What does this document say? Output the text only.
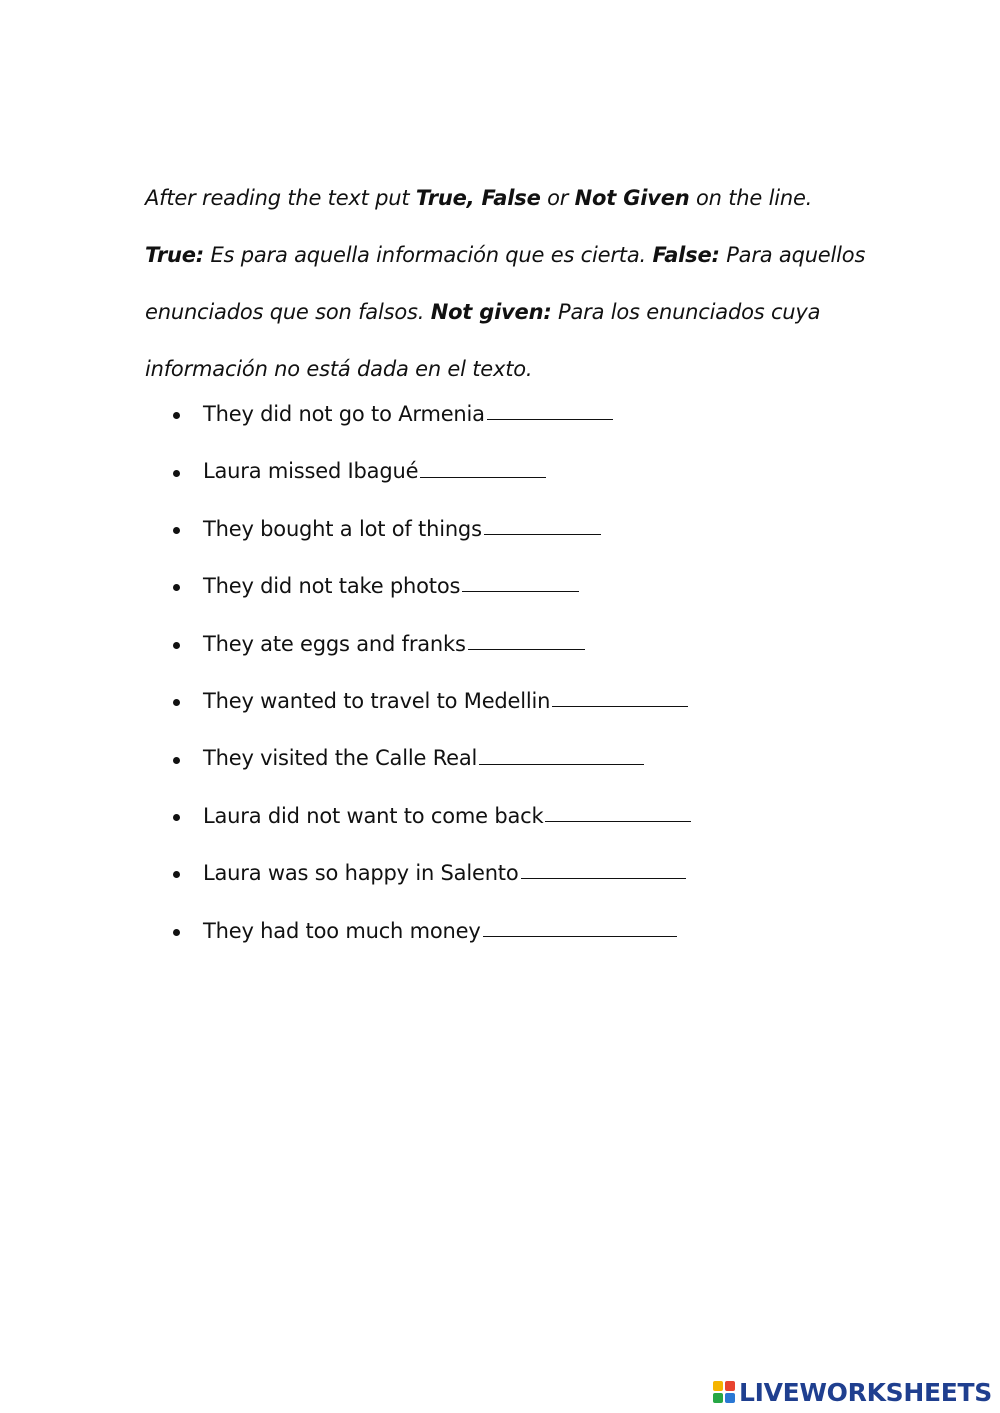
After reading the text put True, False or Not Given on the line.

True: Es para aquella información que es cierta. False: Para aquellos enunciados que son falsos. Not given: Para los enunciados cuya información no está dada en el texto.

They did not go to Armenia
Laura missed Ibagué
They bought a lot of things
They did not take photos
They ate eggs and franks
They wanted to travel to Medellin
They visited the Calle Real
Laura did not want to come back
Laura was so happy in Salento
They had too much money
LIVEWORKSHEETS
